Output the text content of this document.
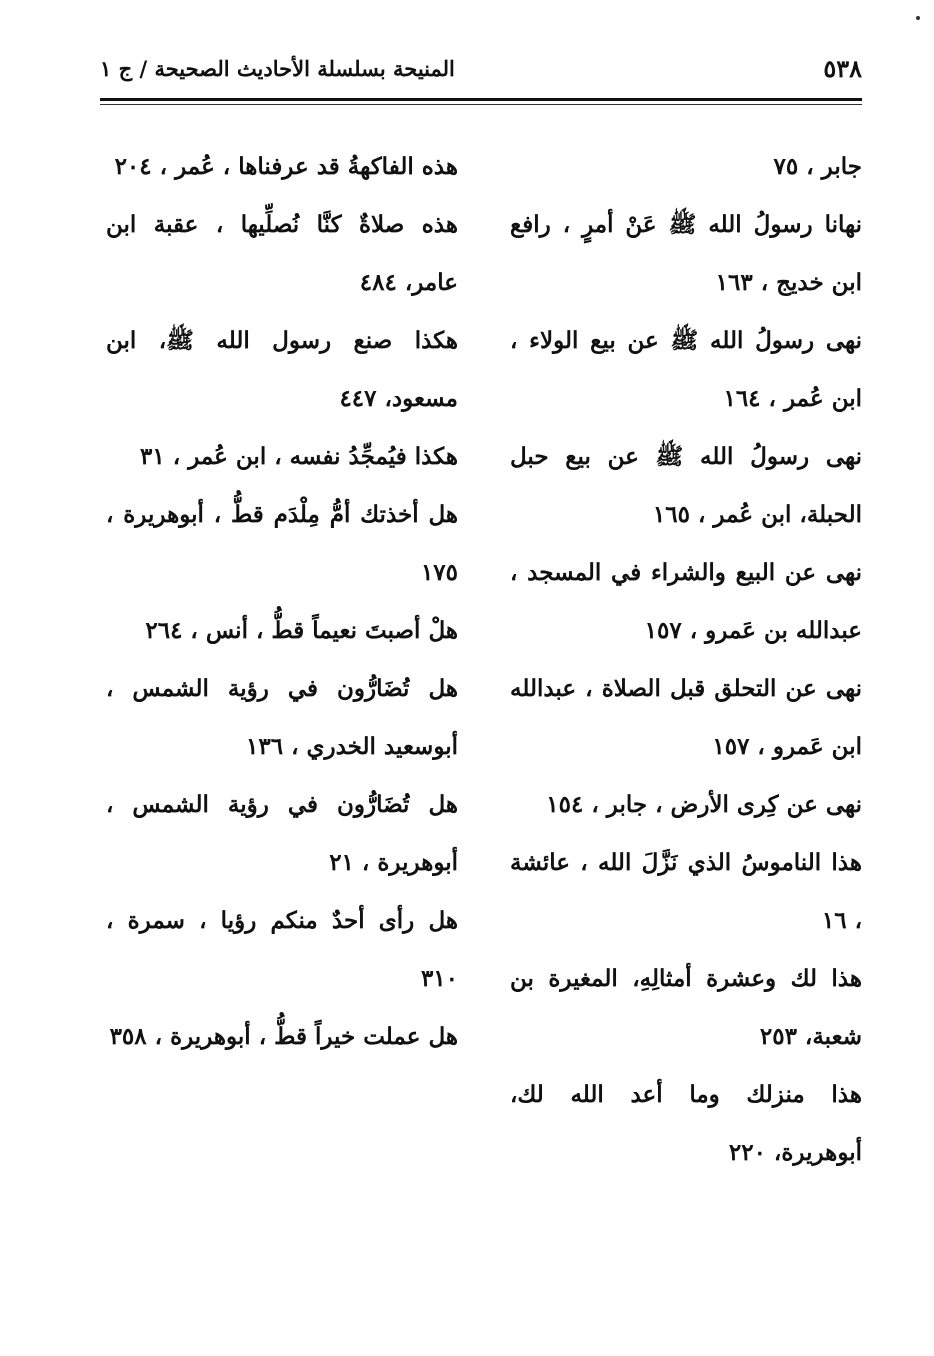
٥٣٨
المنيحة بسلسلة الأحاديث الصحيحة / ج ١

جابر ، ٧٥

نهانا رسولُ الله ﷺ عَنْ أمرٍ ، رافع ابن خديج ، ١٦٣

نهى رسولُ الله ﷺ عن بيع الولاء ، ابن عُمر ، ١٦٤

نهى رسولُ الله ﷺ عن بيع حبل الحبلة، ابن عُمر ، ١٦٥

نهى عن البيع والشراء في المسجد ، عبدالله بن عَمرو ، ١٥٧

نهى عن التحلق قبل الصلاة ، عبدالله ابن عَمرو ، ١٥٧

نهى عن كِرى الأرض ، جابر ، ١٥٤

هذا الناموسُ الذي نَزَّلَ الله ، عائشة ، ١٦

هذا لك وعشرة أمثالِهِ، المغيرة بن شعبة، ٢٥٣

هذا منزلك وما أعد الله لك، أبوهريرة، ٢٢٠

هذه الفاكهةُ قد عرفناها ، عُمر ، ٢٠٤

هذه صلاةٌ كنَّا نُصلِّيها ، عقبة ابن عامر، ٤٨٤

هكذا صنع رسول الله ﷺ، ابن مسعود، ٤٤٧

هكذا فيُمجِّدُ نفسه ، ابن عُمر ، ٣١

هل أخذتك أمُّ مِلْدَم قطُّ ، أبوهريرة ، ١٧٥

هلْ أصبتَ نعيماً قطُّ ، أنس ، ٢٦٤

هل تُضَارُّون في رؤية الشمس ، أبوسعيد الخدري ، ١٣٦

هل تُضَارُّون في رؤية الشمس ، أبوهريرة ، ٢١

هل رأى أحدٌ منكم رؤيا ، سمرة ، ٣١٠

هل عملت خيراً قطُّ ، أبوهريرة ، ٣٥٨
